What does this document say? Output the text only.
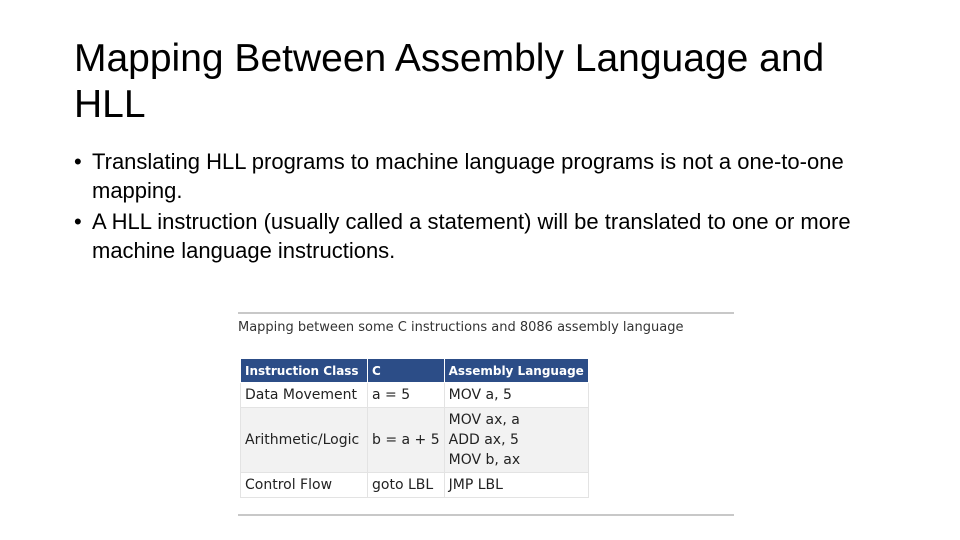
Mapping Between Assembly Language and HLL
• Translating HLL programs to machine language programs is not a one-to-one mapping.
• A HLL instruction (usually called a statement) will be translated to one or more machine language instructions.
Mapping between some C instructions and 8086 assembly language
Instruction Class	C	Assembly Language
Data Movement	a = 5	MOV a, 5

Arithmetic/Logic	b = a + 5	MOV ax, a
ADD ax, 5
MOV b, ax

Control Flow	goto LBL	JMP LBL
